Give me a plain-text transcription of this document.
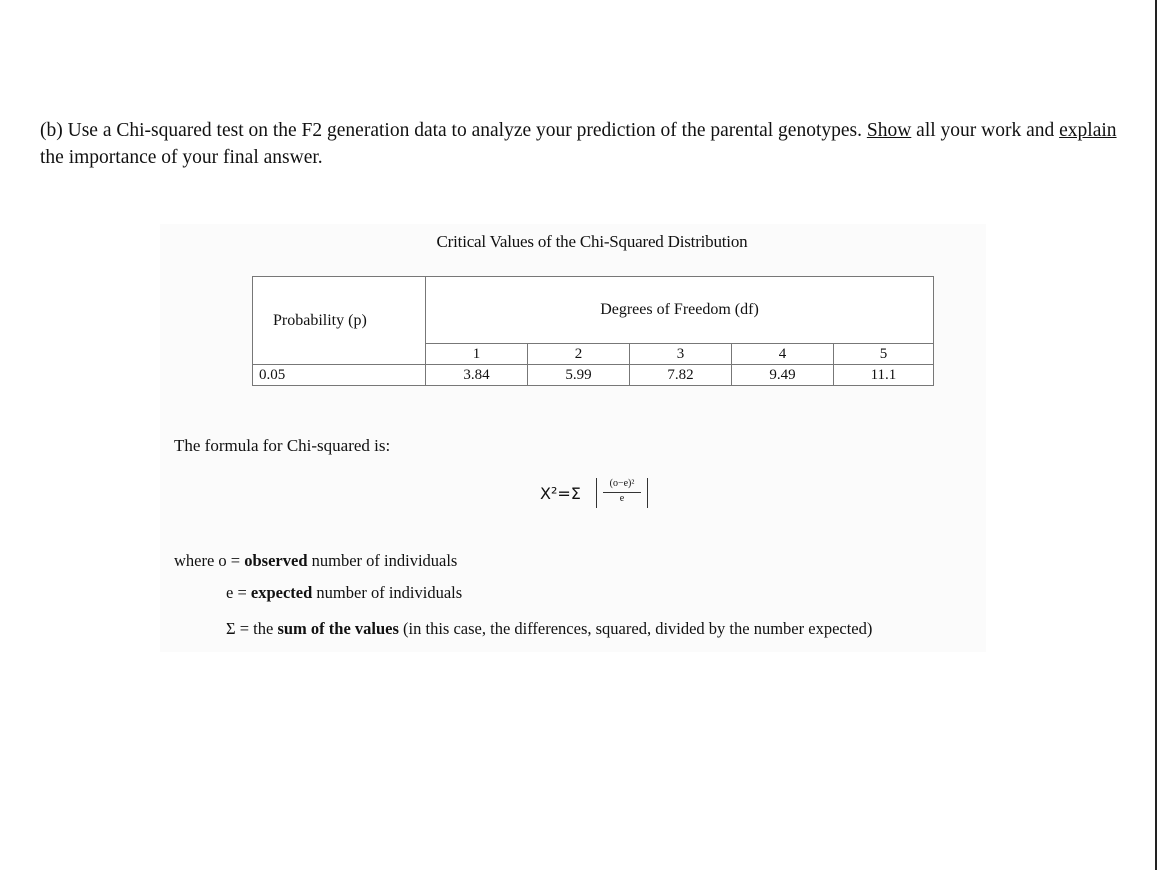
(b) Use a Chi-squared test on the F2 generation data to analyze your prediction of the parental genotypes. Show all your work and explain the importance of your final answer.
Critical Values of the Chi-Squared Distribution
Probability (p)	Degrees of Freedom (df)				
	1	2	3	4	5
0.05	3.84	5.99	7.82	9.49	11.1
The formula for Chi-squared is:
X²=Σ
(o−e)²
e
where o = observed number of individuals
e = expected number of individuals
Σ = the sum of the values (in this case, the differences, squared, divided by the number expected)
